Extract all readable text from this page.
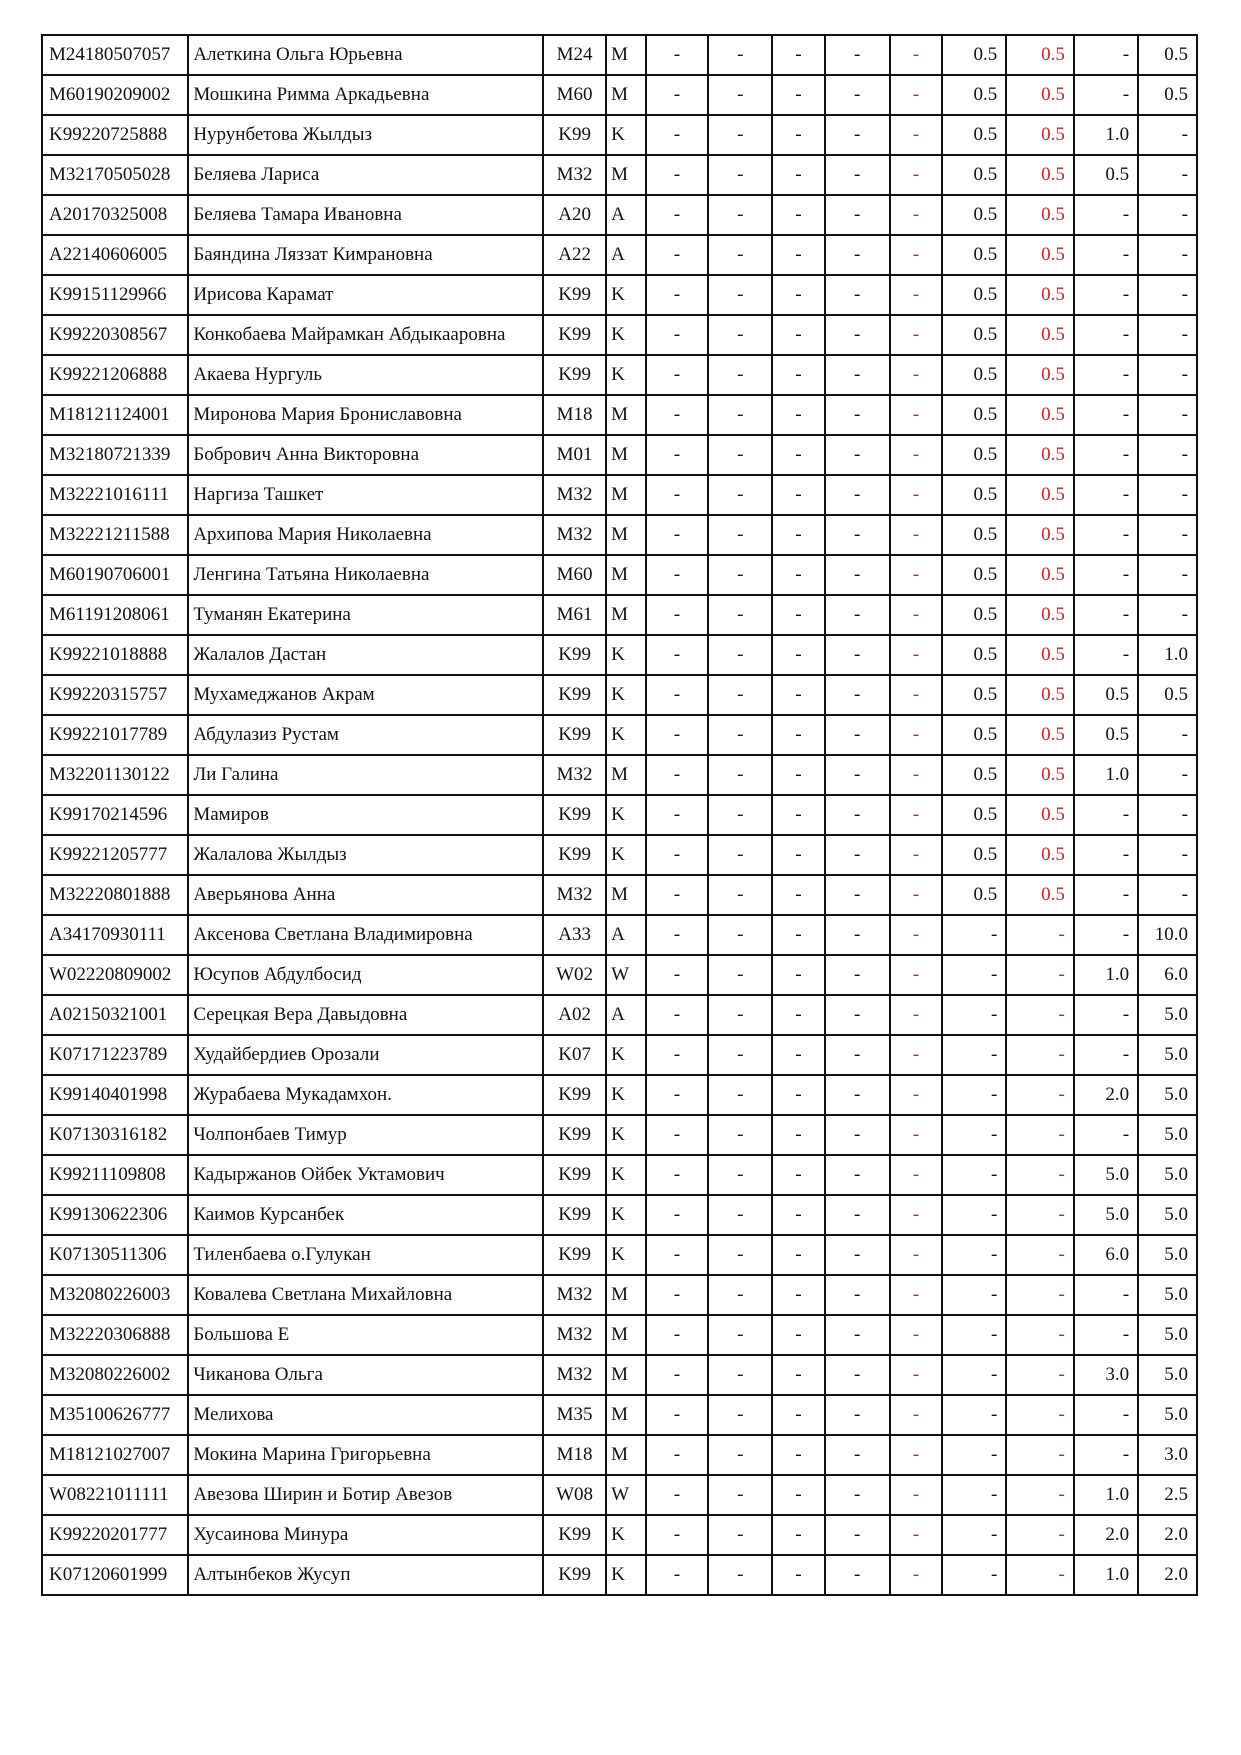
M24180507057	Алеткина Ольга Юрьевна	M24	M	-	-	-	-	-	0.5	0.5	-	0.5
M60190209002	Мошкина Римма Аркадьевна	M60	M	-	-	-	-	-	0.5	0.5	-	0.5
K99220725888	Нурунбетова Жылдыз	K99	K	-	-	-	-	-	0.5	0.5	1.0	-
M32170505028	Беляева Лариса	M32	M	-	-	-	-	-	0.5	0.5	0.5	-
A20170325008	Беляева Тамара Ивановна	A20	A	-	-	-	-	-	0.5	0.5	-	-
A22140606005	Баяндина Ляззат Кимрановна	A22	A	-	-	-	-	-	0.5	0.5	-	-
K99151129966	Ирисова Карамат	K99	K	-	-	-	-	-	0.5	0.5	-	-
K99220308567	Конкобаева Майрамкан Абдыкааровна	K99	K	-	-	-	-	-	0.5	0.5	-	-
K99221206888	Акаева Нургуль	K99	K	-	-	-	-	-	0.5	0.5	-	-
M18121124001	Миронова Мария Брониславовна	M18	M	-	-	-	-	-	0.5	0.5	-	-
M32180721339	Бобрович Анна Викторовна	M01	M	-	-	-	-	-	0.5	0.5	-	-
M32221016111	Наргиза Ташкет	M32	M	-	-	-	-	-	0.5	0.5	-	-
M32221211588	Архипова Мария Николаевна	M32	M	-	-	-	-	-	0.5	0.5	-	-
M60190706001	Ленгина Татьяна Николаевна	M60	M	-	-	-	-	-	0.5	0.5	-	-
M61191208061	Туманян Екатерина	M61	M	-	-	-	-	-	0.5	0.5	-	-
K99221018888	Жалалов Дастан	K99	K	-	-	-	-	-	0.5	0.5	-	1.0
K99220315757	Мухамеджанов Акрам	K99	K	-	-	-	-	-	0.5	0.5	0.5	0.5
K99221017789	Абдулазиз Рустам	K99	K	-	-	-	-	-	0.5	0.5	0.5	-
M32201130122	Ли Галина	M32	M	-	-	-	-	-	0.5	0.5	1.0	-
K99170214596	Мамиров	K99	K	-	-	-	-	-	0.5	0.5	-	-
K99221205777	Жалалова Жылдыз	K99	K	-	-	-	-	-	0.5	0.5	-	-
M32220801888	Аверьянова Анна	M32	M	-	-	-	-	-	0.5	0.5	-	-
A34170930111	Аксенова Светлана Владимировна	A33	A	-	-	-	-	-	-	-	-	10.0
W02220809002	Юсупов Абдулбосид	W02	W	-	-	-	-	-	-	-	1.0	6.0
A02150321001	Серецкая Вера Давыдовна	A02	A	-	-	-	-	-	-	-	-	5.0
K07171223789	Худайбердиев Орозали	K07	K	-	-	-	-	-	-	-	-	5.0
K99140401998	Журабаева Мукадамхон.	K99	K	-	-	-	-	-	-	-	2.0	5.0
K07130316182	Чолпонбаев Тимур	K99	K	-	-	-	-	-	-	-	-	5.0
K99211109808	Кадыржанов Ойбек Уктамович	K99	K	-	-	-	-	-	-	-	5.0	5.0
K99130622306	Каимов Курсанбек	K99	K	-	-	-	-	-	-	-	5.0	5.0
K07130511306	Тиленбаева о.Гулукан	K99	K	-	-	-	-	-	-	-	6.0	5.0
M32080226003	Ковалева Светлана Михайловна	M32	M	-	-	-	-	-	-	-	-	5.0
M32220306888	Большова Е	M32	M	-	-	-	-	-	-	-	-	5.0
M32080226002	Чиканова Ольга	M32	M	-	-	-	-	-	-	-	3.0	5.0
M35100626777	Мелихова	M35	M	-	-	-	-	-	-	-	-	5.0
M18121027007	Мокина Марина Григорьевна	M18	M	-	-	-	-	-	-	-	-	3.0
W08221011111	Авезова Ширин и Ботир Авезов	W08	W	-	-	-	-	-	-	-	1.0	2.5
K99220201777	Хусаинова Минура	K99	K	-	-	-	-	-	-	-	2.0	2.0
K07120601999	Алтынбеков Жусуп	K99	K	-	-	-	-	-	-	-	1.0	2.0
